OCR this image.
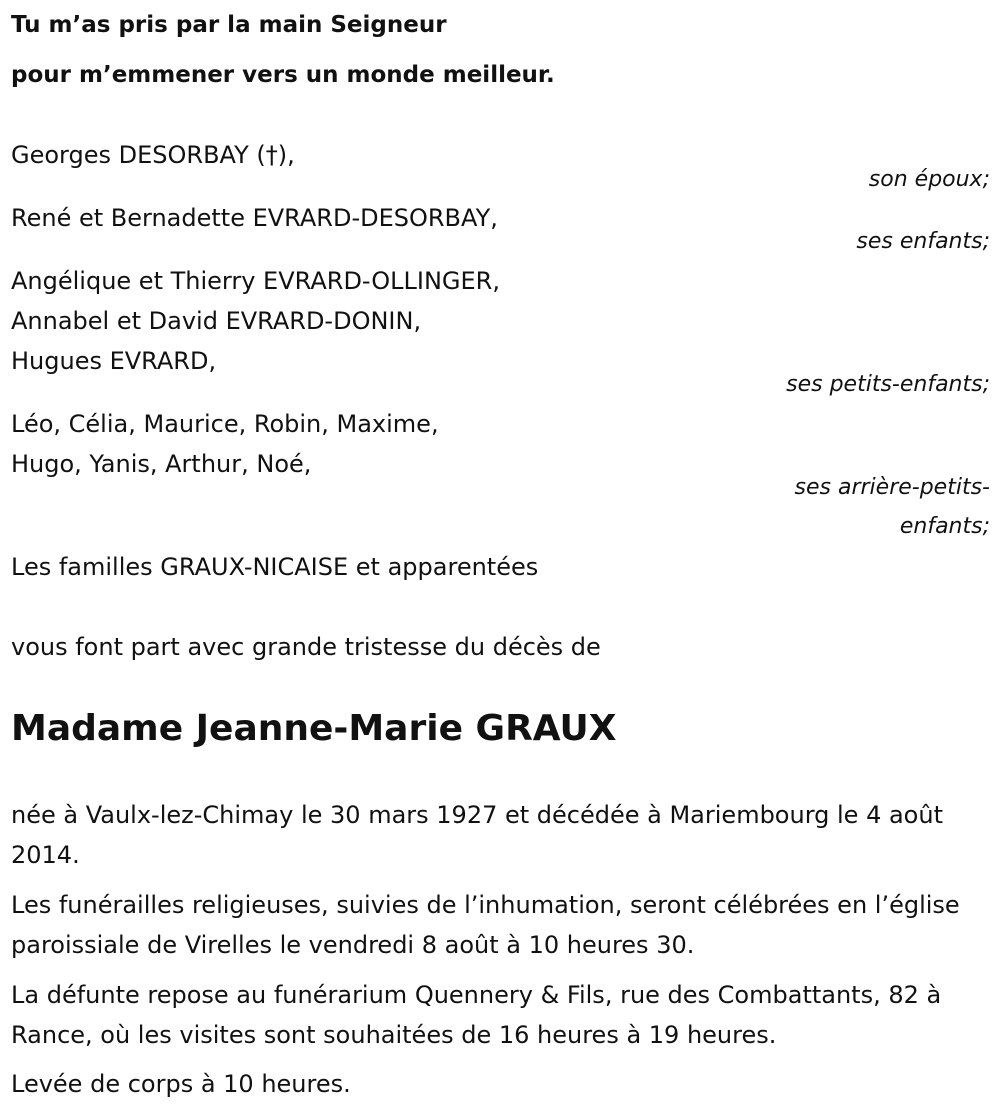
Tu m’as pris par la main Seigneur

pour m’emmener vers un monde meilleur.

Georges DESORBAY (†),

son époux;

René et Bernadette EVRARD-DESORBAY,

ses enfants;

Angélique et Thierry EVRARD-OLLINGER,

Annabel et David EVRARD-DONIN,

Hugues EVRARD,

ses petits-enfants;

Léo, Célia, Maurice, Robin, Maxime,

Hugo, Yanis, Arthur, Noé,

ses arrière-petits-

enfants;

Les familles GRAUX-NICAISE et apparentées

vous font part avec grande tristesse du décès de

Madame Jeanne-Marie GRAUX

née à Vaulx-lez-Chimay le 30 mars 1927 et décédée à Mariembourg le 4 août 2014.

Les funérailles religieuses, suivies de l’inhumation, seront célébrées en l’église paroissiale de Virelles le vendredi 8 août à 10 heures 30.

La défunte repose au funérarium Quennery & Fils, rue des Combattants, 82 à Rance, où les visites sont souhaitées de 16 heures à 19 heures.

Levée de corps à 10 heures.
